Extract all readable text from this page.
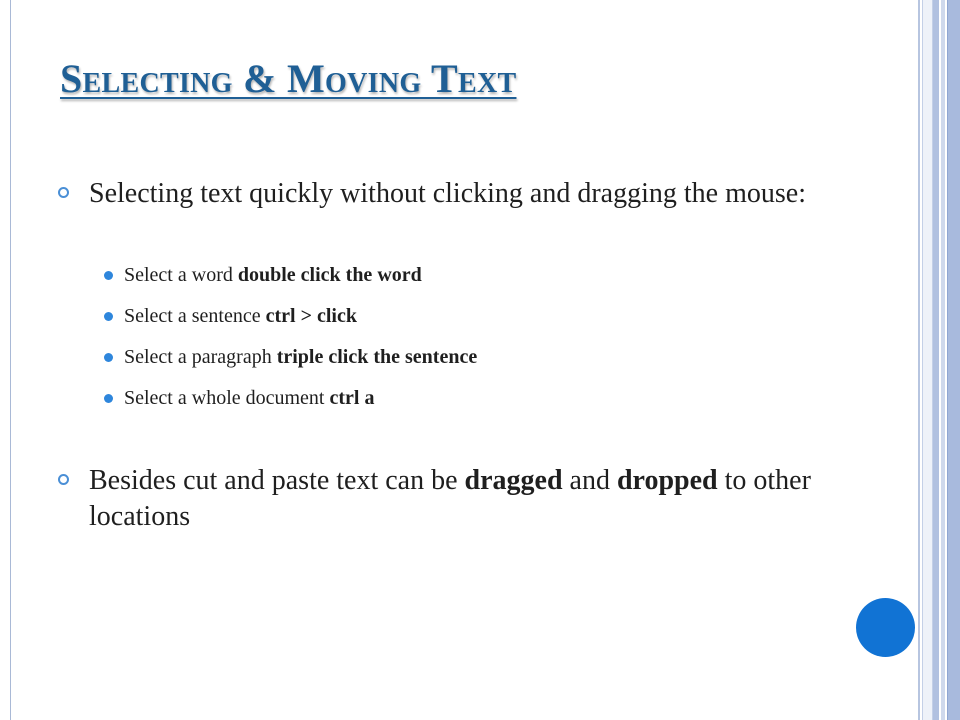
Selecting & Moving Text
Selecting text quickly without clicking and dragging the mouse:
Select a word double click the word
Select a sentence ctrl > click
Select a paragraph triple click the sentence
Select a whole document ctrl a
Besides cut and paste text can be dragged and dropped to other locations
